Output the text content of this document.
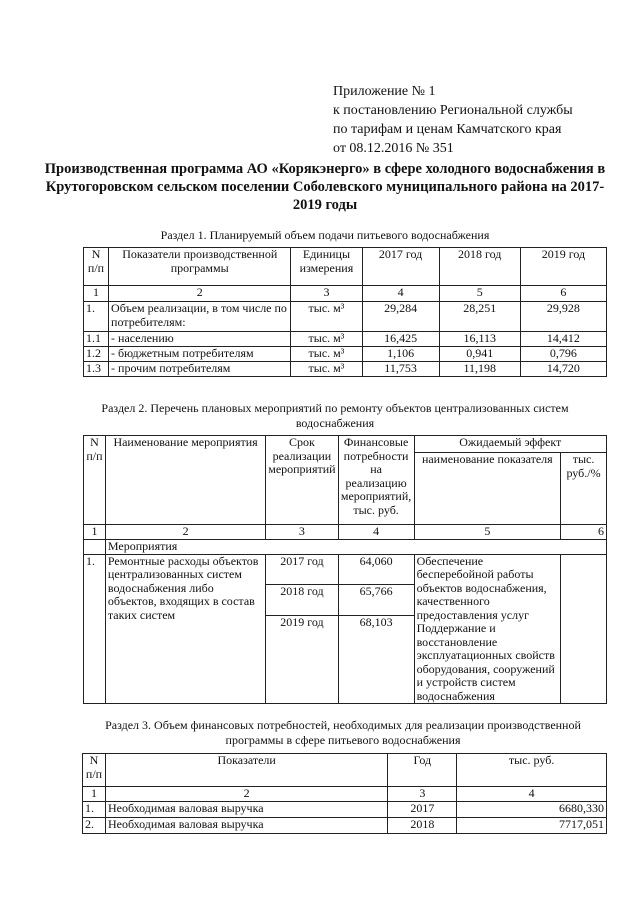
Приложение № 1
к постановлению Региональной службы
по тарифам и ценам Камчатского края
от 08.12.2016 № 351
Производственная программа АО «Корякэнерго» в сфере холодного водоснабжения в Крутогоровском сельском поселении Соболевского муниципального района на 2017-2019 годы
Раздел 1. Планируемый объем подачи питьевого водоснабжения
N п/п	Показатели производственной программы	Единицы измерения	2017 год	2018 год	2019 год
1	2	3	4	5	6
1.	Объем реализации, в том числе по потребителям:	тыс. м³	29,284	28,251	29,928
1.1	- населению	тыс. м³	16,425	16,113	14,412
1.2	- бюджетным потребителям	тыс. м³	1,106	0,941	0,796
1.3	- прочим потребителям	тыс. м³	11,753	11,198	14,720
Раздел 2. Перечень плановых мероприятий по ремонту объектов централизованных систем водоснабжения
N п/п	Наименование мероприятия	Срок реализации мероприятий	Финансовые потребности на реализацию мероприятий, тыс. руб.	Ожидаемый эффект	
				наименование показателя	тыс. руб./%
1	2	3	4	5	6
	Мероприятия				
1.	Ремонтные расходы объектов централизованных систем водоснабжения либо объектов, входящих в состав таких систем	2017 год	64,060	Обеспечение бесперебойной работы объектов водоснабжения, качественного предоставления услуг Поддержание и восстановление эксплуатационных свойств оборудования, сооружений и устройств систем водоснабжения	
		2018 год	65,766		
		2019 год	68,103		
Раздел 3. Объем финансовых потребностей, необходимых для реализации производственной программы в сфере питьевого водоснабжения
N п/п	Показатели	Год	тыс. руб.
1	2	3	4
1.	Необходимая валовая выручка	2017	6680,330
2.	Необходимая валовая выручка	2018	7717,051
